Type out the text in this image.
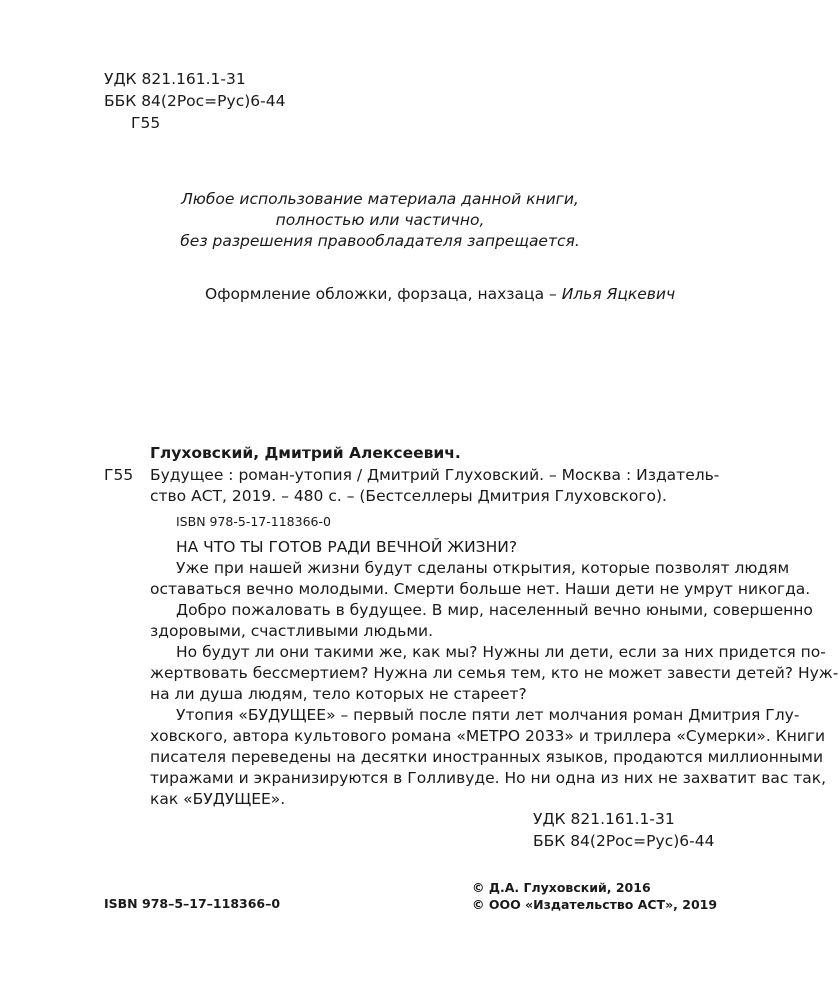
УДК 821.161.1-31
ББК 84(2Рос=Рус)6-44
Г55
Любое использование материала данной книги,
полностью или частично,
без разрешения правообладателя запрещается.
Оформление обложки, форзаца, нахзаца – Илья Яцкевич
Глуховский, Дмитрий Алексеевич.
Г55 Будущее : роман-утопия / Дмитрий Глуховский. – Москва : Издатель-
ство АСТ, 2019. – 480 с. – (Бестселлеры Дмитрия Глуховского).
ISBN 978-5-17-118366-0
НА ЧТО ТЫ ГОТОВ РАДИ ВЕЧНОЙ ЖИЗНИ?
Уже при нашей жизни будут сделаны открытия, которые позволят людям
оставаться вечно молодыми. Смерти больше нет. Наши дети не умрут никогда.
Добро пожаловать в будущее. В мир, населенный вечно юными, совершенно
здоровыми, счастливыми людьми.
Но будут ли они такими же, как мы? Нужны ли дети, если за них придется по-
жертвовать бессмертием? Нужна ли семья тем, кто не может завести детей? Нуж-
на ли душа людям, тело которых не стареет?
Утопия «БУДУЩЕЕ» – первый после пяти лет молчания роман Дмитрия Глу-
ховского, автора культового романа «МЕТРО 2033» и триллера «Сумерки». Книги
писателя переведены на десятки иностранных языков, продаются миллионными
тиражами и экранизируются в Голливуде. Но ни одна из них не захватит вас так,
как «БУДУЩЕЕ».
УДК 821.161.1-31
ББК 84(2Рос=Рус)6-44
ISBN 978–5–17–118366–0
© Д.А. Глуховский, 2016
© ООО «Издательство АСТ», 2019
